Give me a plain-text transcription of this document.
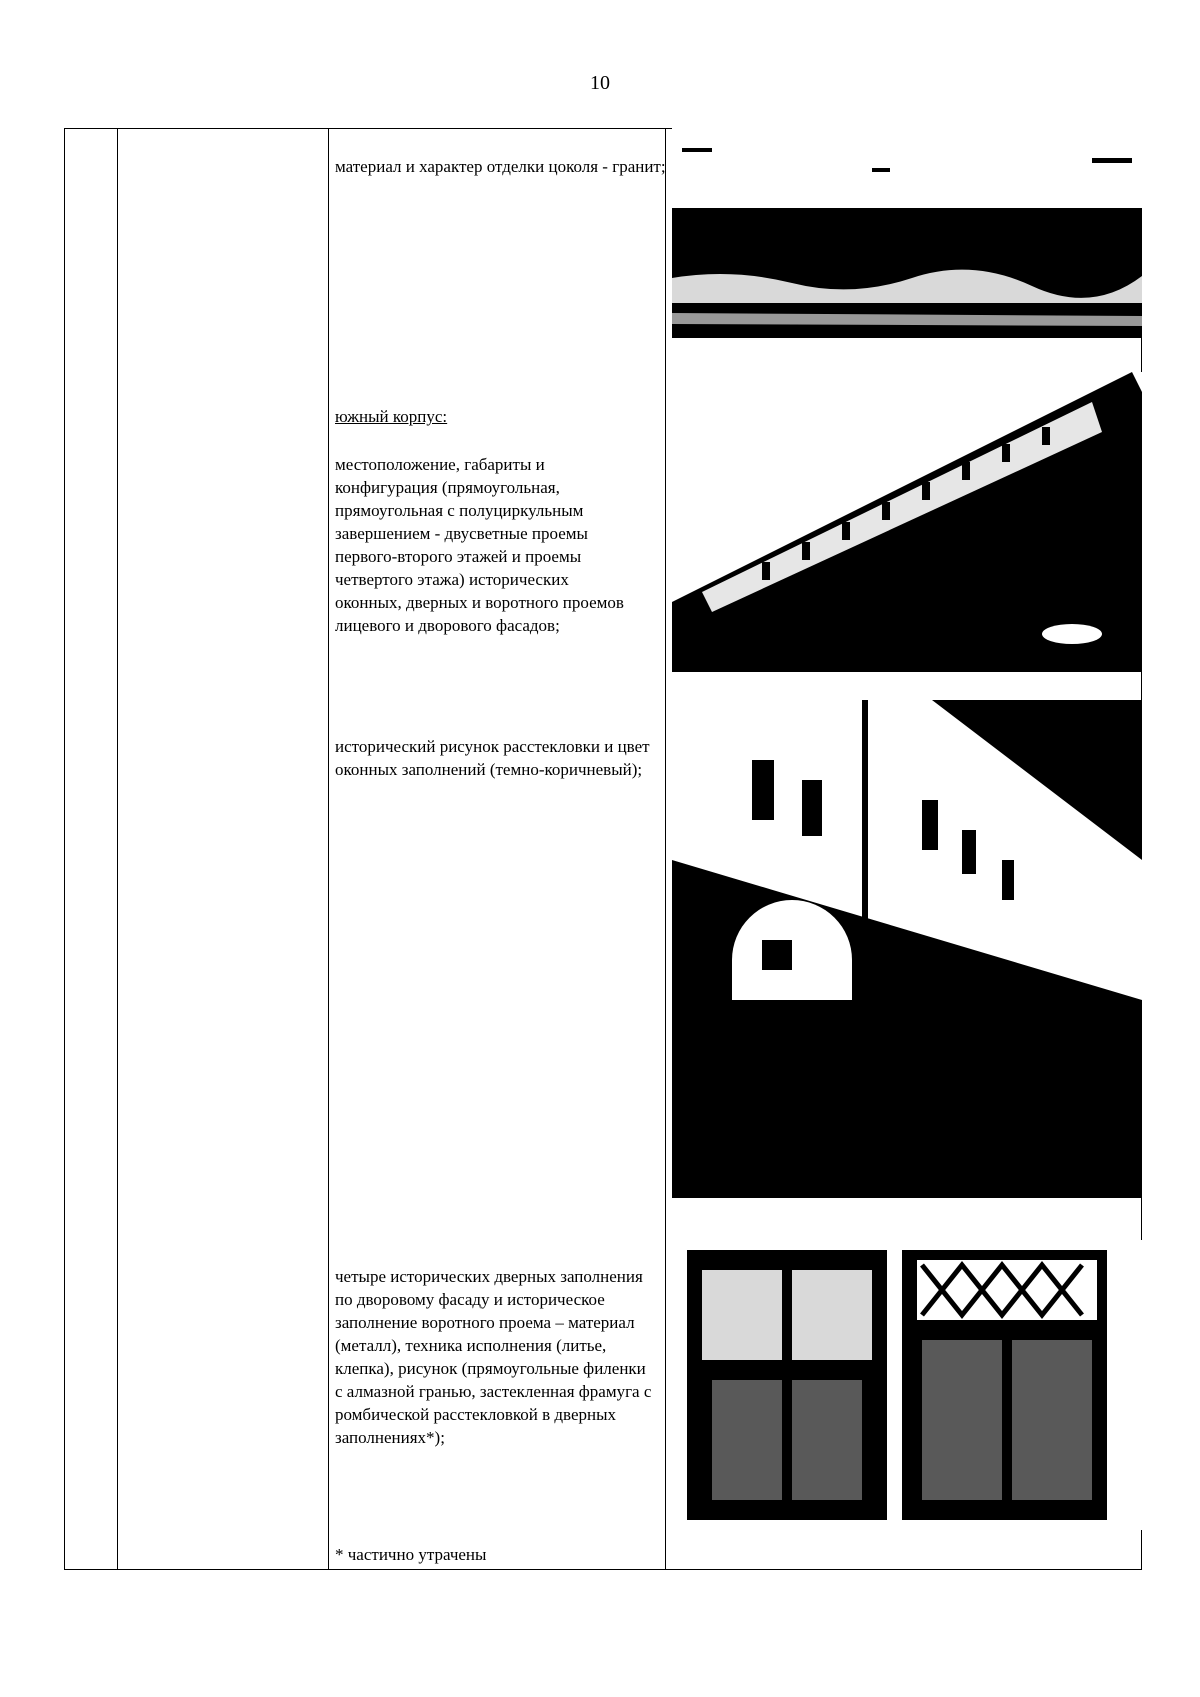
10
материал и характер отделки цоколя - гранит;
южный корпус:
местоположение, габариты и конфигурация (прямоугольная, прямоугольная с полуциркульным завершением - двусветные проемы первого-второго этажей и проемы четвертого этажа) исторических оконных, дверных и воротного проемов лицевого и дворового фасадов;
исторический рисунок расстекловки и цвет оконных заполнений (темно-коричневый);
четыре исторических дверных заполнения по дворовому фасаду и историческое заполнение воротного проема – материал (металл), техника исполнения (литье, клепка), рисунок (прямоугольные филенки с алмазной гранью, застекленная фрамуга с ромбической расстекловкой в дверных заполнениях*);
* частично утрачены
